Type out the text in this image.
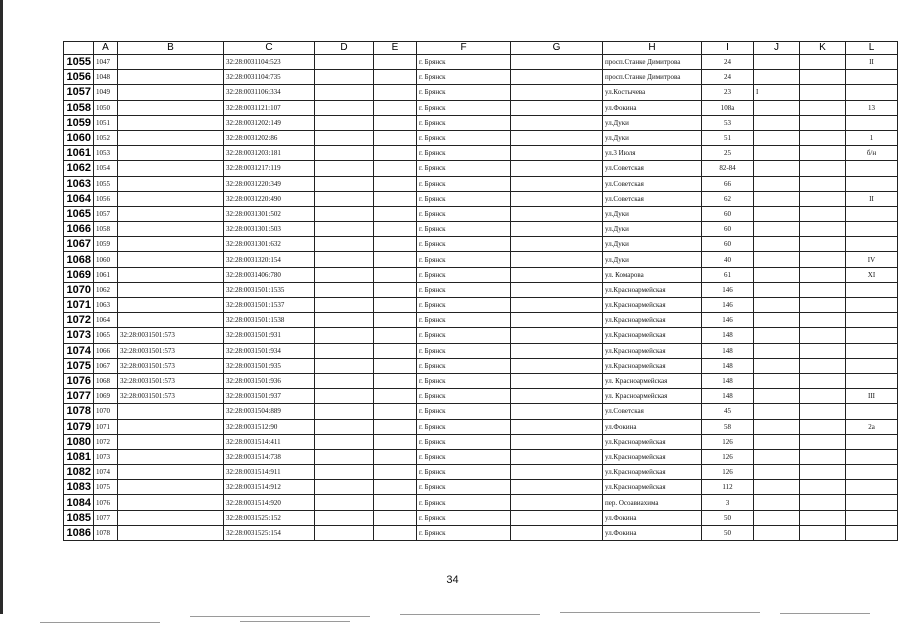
	A	B	C	D	E	F	G	H	I	J	K	L
1055	1047		32:28:0031104:523			г. Брянск		просп.Станке Димитрова	24			II
1056	1048		32:28:0031104:735			г. Брянск		просп.Станке Димитрова	24			
1057	1049		32:28:0031106:334			г. Брянск		ул.Костычева	23	I		
1058	1050		32:28:0031121:107			г. Брянск		ул.Фокина	108а			13
1059	1051		32:28:0031202:149			г. Брянск		ул.Дуки	53			
1060	1052		32:28:0031202:86			г. Брянск		ул.Дуки	51			1
1061	1053		32:28:0031203:181			г. Брянск		ул.3 Июля	25			б/н
1062	1054		32:28:0031217:119			г. Брянск		ул.Советская	82-84			
1063	1055		32:28:0031220:349			г. Брянск		ул.Советская	66			
1064	1056		32:28:0031220:490			г. Брянск		ул.Советская	62			II
1065	1057		32:28:0031301:502			г. Брянск		ул.Дуки	60			
1066	1058		32:28:0031301:503			г. Брянск		ул.Дуки	60			
1067	1059		32:28:0031301:632			г. Брянск		ул.Дуки	60			
1068	1060		32:28:0031320:154			г. Брянск		ул.Дуки	40			IV
1069	1061		32:28:0031406:780			г. Брянск		ул. Комарова	61			XI
1070	1062		32:28:0031501:1535			г. Брянск		ул.Красноармейская	146			
1071	1063		32:28:0031501:1537			г. Брянск		ул.Красноармейская	146			
1072	1064		32:28:0031501:1538			г. Брянск		ул.Красноармейская	146			
1073	1065	32:28:0031501:573	32:28:0031501:931			г. Брянск		ул.Красноармейская	148			
1074	1066	32:28:0031501:573	32:28:0031501:934			г. Брянск		ул.Красноармейская	148			
1075	1067	32:28:0031501:573	32:28:0031501:935			г. Брянск		ул.Красноармейская	148			
1076	1068	32:28:0031501:573	32:28:0031501:936			г. Брянск		ул. Красноармейская	148			
1077	1069	32:28:0031501:573	32:28:0031501:937			г. Брянск		ул. Красноармейская	148			III
1078	1070		32:28:0031504:889			г. Брянск		ул.Советская	45			
1079	1071		32:28:0031512:90			г. Брянск		ул.Фокина	58			2а
1080	1072		32:28:0031514:411			г. Брянск		ул.Красноармейская	126			
1081	1073		32:28:0031514:738			г. Брянск		ул.Красноармейская	126			
1082	1074		32:28:0031514:911			г. Брянск		ул.Красноармейская	126			
1083	1075		32:28:0031514:912			г. Брянск		ул.Красноармейская	112			
1084	1076		32:28:0031514:920			г. Брянск		пер. Осоавиахима	3			
1085	1077		32:28:0031525:152			г. Брянск		ул.Фокина	50			
1086	1078		32:28:0031525:154			г. Брянск		ул.Фокина	50			
34
